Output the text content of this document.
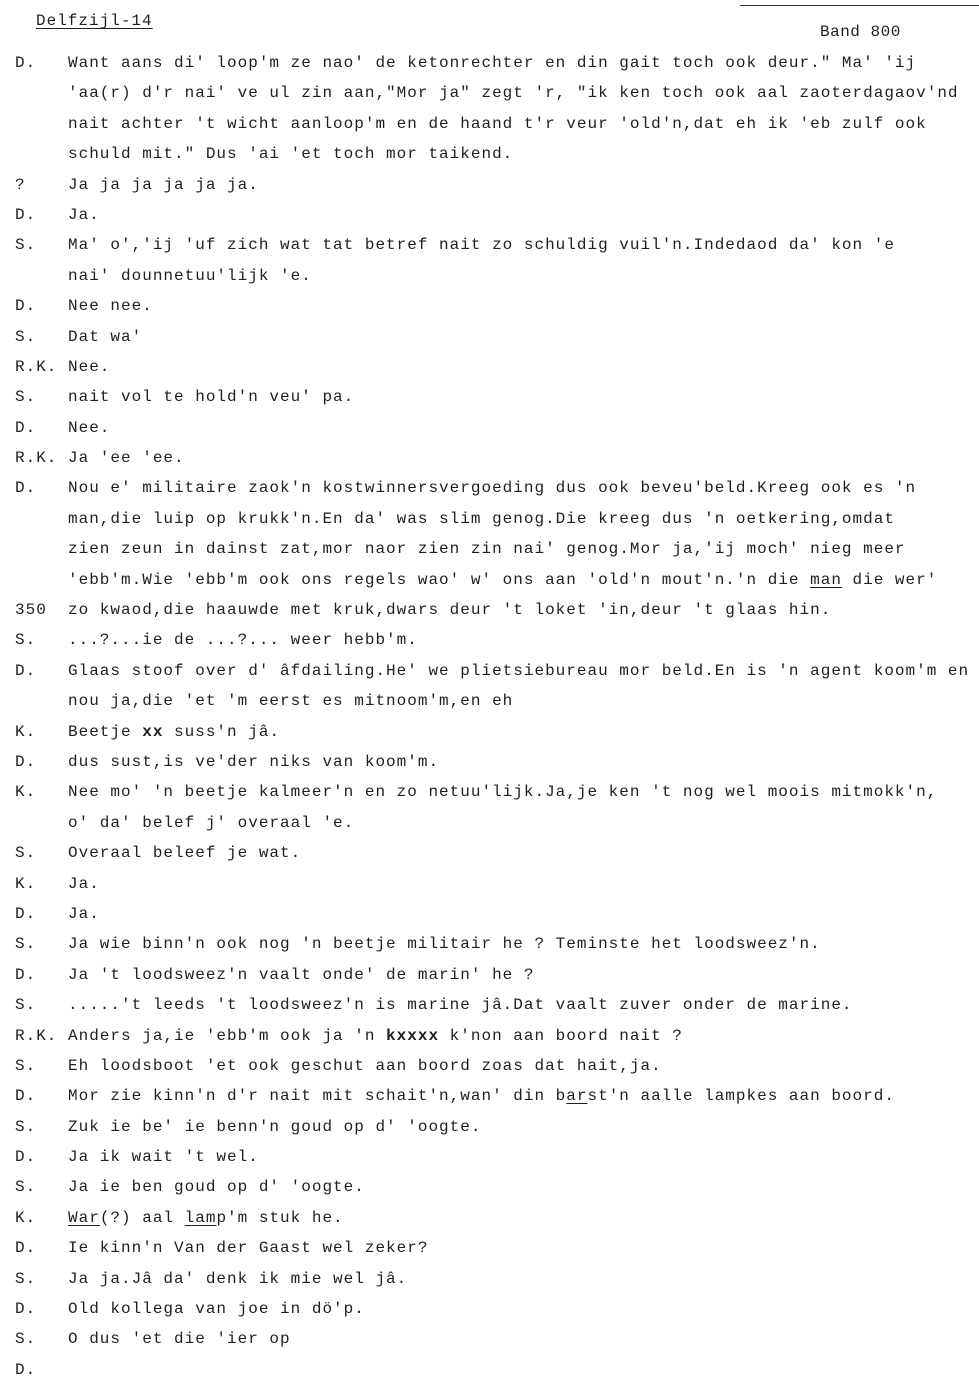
Delfzijl-14
Band 800
D. Want aans di' loop'm ze nao' de ketonrechter en din gait toch ook deur." Ma' 'ij
'aa(r) d'r nai' ve ul zin aan,"Mor ja" zegt 'r, "ik ken toch ook aal zaoterdagaov'nd
nait achter 't wicht aanloop'm en de haand t'r veur 'old'n,dat eh ik 'eb zulf ook
schuld mit." Dus 'ai 'et toch mor taikend.
?	Ja ja ja ja ja ja.
D. Ja.
S. Ma' o','ij 'uf zich wat tat betref nait zo schuldig vuil'n.Indedaod da' kon 'e
nai' dounnetuu'lijk 'e.
D. Nee nee.
S. Dat wa'
R.K. Nee.
S. nait vol te hold'n veu' pa.
D. Nee.
R.K. Ja 'ee 'ee.
D. Nou e' militaire zaok'n kostwinnersvergoeding dus ook beveu'beld.Kreeg ook es 'n
man,die luip op krukk'n.En da' was slim genog.Die kreeg dus 'n oetkering,omdat
zien zeun in dainst zat,mor naor zien zin nai' genog.Mor ja,'ij moch' nieg meer
'ebb'm.Wie 'ebb'm ook ons regels wao' w' ons aan 'old'n mout'n.'n die man die wer'
350 zo kwaod,die haauwde met kruk,dwars deur 't loket 'in,deur 't glaas hin.
S. ...?...ie de ...?... weer hebb'm.
D. Glaas stoof over d' âfdailing.He' we plietsiebureau mor beld.En is 'n agent koom'm en
nou ja,die 'et 'm eerst es mitnoom'm,en eh
K. Beetje xx suss'n jâ.
D. dus sust,is ve'der niks van koom'm.
K. Nee mo' 'n beetje kalmeer'n en zo netuu'lijk.Ja,je ken 't nog wel moois mitmokk'n,
o' da' belef j' overaal 'e.
S. Overaal beleef je wat.
K. Ja.
D. Ja.
S. Ja wie binn'n ook nog 'n beetje militair he ? Teminste het loodsweez'n.
D. Ja 't loodsweez'n vaalt onde' de marin' he ?
S. .....'t leeds 't loodsweez'n is marine jâ.Dat vaalt zuver onder de marine.
R.K. Anders ja,ie 'ebb'm ook ja 'n kxxxx k'non aan boord nait ?
S. Eh loodsboot 'et ook geschut aan boord zoas dat hait,ja.
D. Mor zie kinn'n d'r nait mit schait'n,wan' din barst'n aalle lampkes aan boord.
S. Zuk ie be' ie benn'n goud op d' 'oogte.
D. Ja ik wait 't wel.
S. Ja ie ben goud op d' 'oogte.
K. War(?) aal lamp'm stuk he.
D. Ie kinn'n Van der Gaast wel zeker?
S. Ja ja.Jâ da' denk ik mie wel jâ.
D. Old kollega van joe in dö'p.
S. O dus 'et die 'ier op
D.
